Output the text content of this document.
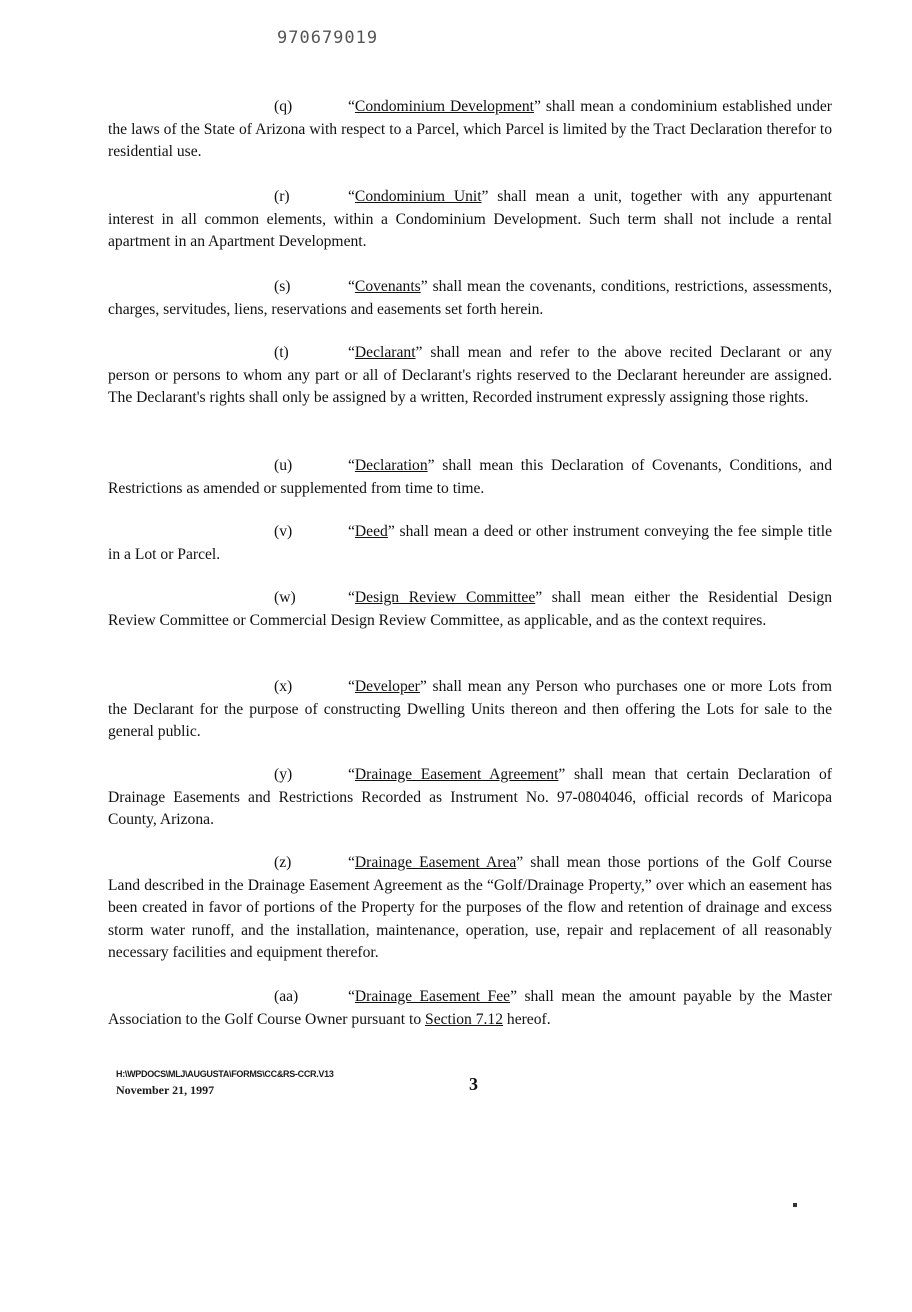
970679019

(q)	“Condominium Development” shall mean a condominium established under the laws of the State of Arizona with respect to a Parcel, which Parcel is limited by the Tract Declaration therefor to residential use.

(r)	“Condominium Unit” shall mean a unit, together with any appurtenant interest in all common elements, within a Condominium Development. Such term shall not include a rental apartment in an Apartment Development.

(s)	“Covenants” shall mean the covenants, conditions, restrictions, assessments, charges, servitudes, liens, reservations and easements set forth herein.

(t)	“Declarant” shall mean and refer to the above recited Declarant or any person or persons to whom any part or all of Declarant's rights reserved to the Declarant hereunder are assigned. The Declarant's rights shall only be assigned by a written, Recorded instrument expressly assigning those rights.

(u)	“Declaration” shall mean this Declaration of Covenants, Conditions, and Restrictions as amended or supplemented from time to time.

(v)	“Deed” shall mean a deed or other instrument conveying the fee simple title in a Lot or Parcel.

(w)	“Design Review Committee” shall mean either the Residential Design Review Committee or Commercial Design Review Committee, as applicable, and as the context requires.

(x)	“Developer” shall mean any Person who purchases one or more Lots from the Declarant for the purpose of constructing Dwelling Units thereon and then offering the Lots for sale to the general public.

(y)	“Drainage Easement Agreement” shall mean that certain Declaration of Drainage Easements and Restrictions Recorded as Instrument No. 97-0804046, official records of Maricopa County, Arizona.

(z)	“Drainage Easement Area” shall mean those portions of the Golf Course Land described in the Drainage Easement Agreement as the “Golf/Drainage Property,” over which an easement has been created in favor of portions of the Property for the purposes of the flow and retention of drainage and excess storm water runoff, and the installation, maintenance, operation, use, repair and replacement of all reasonably necessary facilities and equipment therefor.

(aa)	“Drainage Easement Fee” shall mean the amount payable by the Master Association to the Golf Course Owner pursuant to Section 7.12 hereof.

H:\WPDOCS\MLJ\AUGUSTA\FORMS\CC&RS-CCR.V13
November 21, 1997	3
